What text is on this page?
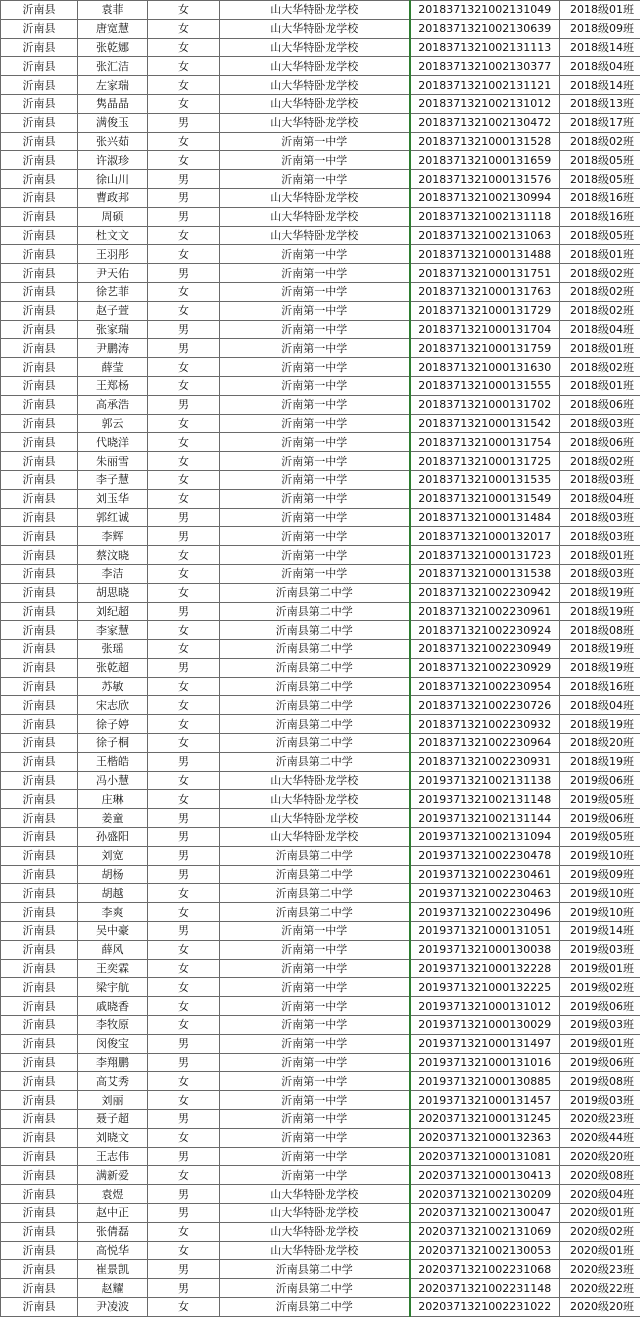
沂南县	袁菲	女	山大华特卧龙学校	2018371321002131049	2018级01班
沂南县	唐宽慧	女	山大华特卧龙学校	2018371321002130639	2018级09班
沂南县	张乾娜	女	山大华特卧龙学校	2018371321002131113	2018级14班
沂南县	张汇洁	女	山大华特卧龙学校	2018371321002130377	2018级04班
沂南县	左家瑞	女	山大华特卧龙学校	2018371321002131121	2018级14班
沂南县	隽晶晶	女	山大华特卧龙学校	2018371321002131012	2018级13班
沂南县	满俊玉	男	山大华特卧龙学校	2018371321002130472	2018级17班
沂南县	张兴茹	女	沂南第一中学	2018371321000131528	2018级02班
沂南县	许淑珍	女	沂南第一中学	2018371321000131659	2018级05班
沂南县	徐山川	男	沂南第一中学	2018371321000131576	2018级05班
沂南县	曹政邦	男	山大华特卧龙学校	2018371321002130994	2018级16班
沂南县	周硕	男	山大华特卧龙学校	2018371321002131118	2018级16班
沂南县	杜文文	女	山大华特卧龙学校	2018371321002131063	2018级05班
沂南县	王羽彤	女	沂南第一中学	2018371321000131488	2018级01班
沂南县	尹天佑	男	沂南第一中学	2018371321000131751	2018级02班
沂南县	徐艺菲	女	沂南第一中学	2018371321000131763	2018级02班
沂南县	赵子萱	女	沂南第一中学	2018371321000131729	2018级02班
沂南县	张家瑞	男	沂南第一中学	2018371321000131704	2018级04班
沂南县	尹鹏涛	男	沂南第一中学	2018371321000131759	2018级01班
沂南县	薛莹	女	沂南第一中学	2018371321000131630	2018级02班
沂南县	王郑杨	女	沂南第一中学	2018371321000131555	2018级01班
沂南县	高承浩	男	沂南第一中学	2018371321000131702	2018级06班
沂南县	郭云	女	沂南第一中学	2018371321000131542	2018级03班
沂南县	代晓洋	女	沂南第一中学	2018371321000131754	2018级06班
沂南县	朱丽雪	女	沂南第一中学	2018371321000131725	2018级02班
沂南县	李子慧	女	沂南第一中学	2018371321000131535	2018级03班
沂南县	刘玉华	女	沂南第一中学	2018371321000131549	2018级04班
沂南县	郭红诚	男	沂南第一中学	2018371321000131484	2018级03班
沂南县	李辉	男	沂南第一中学	2018371321000132017	2018级03班
沂南县	蔡汶晓	女	沂南第一中学	2018371321000131723	2018级01班
沂南县	李洁	女	沂南第一中学	2018371321000131538	2018级03班
沂南县	胡思晓	女	沂南县第二中学	2018371321002230942	2018级19班
沂南县	刘纪超	男	沂南县第二中学	2018371321002230961	2018级19班
沂南县	李家慧	女	沂南县第二中学	2018371321002230924	2018级08班
沂南县	张瑶	女	沂南县第二中学	2018371321002230949	2018级19班
沂南县	张乾超	男	沂南县第二中学	2018371321002230929	2018级19班
沂南县	苏敏	女	沂南县第二中学	2018371321002230954	2018级16班
沂南县	宋志欣	女	沂南县第二中学	2018371321002230726	2018级04班
沂南县	徐子婷	女	沂南县第二中学	2018371321002230932	2018级19班
沂南县	徐子桐	女	沂南县第二中学	2018371321002230964	2018级20班
沂南县	王楷皓	男	沂南县第二中学	2018371321002230931	2018级19班
沂南县	冯小慧	女	山大华特卧龙学校	2019371321002131138	2019级06班
沂南县	庄琳	女	山大华特卧龙学校	2019371321002131148	2019级05班
沂南县	姜童	男	山大华特卧龙学校	2019371321002131144	2019级06班
沂南县	孙盛阳	男	山大华特卧龙学校	2019371321002131094	2019级05班
沂南县	刘宽	男	沂南县第二中学	2019371321002230478	2019级10班
沂南县	胡杨	男	沂南县第二中学	2019371321002230461	2019级09班
沂南县	胡越	女	沂南县第二中学	2019371321002230463	2019级10班
沂南县	李爽	女	沂南县第二中学	2019371321002230496	2019级10班
沂南县	吴中豪	男	沂南第一中学	2019371321000131051	2019级14班
沂南县	薛风	女	沂南第一中学	2019371321000130038	2019级03班
沂南县	王奕霖	女	沂南第一中学	2019371321000132228	2019级01班
沂南县	梁宇航	女	沂南第一中学	2019371321000132225	2019级02班
沂南县	戚晓香	女	沂南第一中学	2019371321000131012	2019级06班
沂南县	李牧原	女	沂南第一中学	2019371321000130029	2019级03班
沂南县	闵俊宝	男	沂南第一中学	2019371321000131497	2019级01班
沂南县	李翔鹏	男	沂南第一中学	2019371321000131016	2019级06班
沂南县	高艾秀	女	沂南第一中学	2019371321000130885	2019级08班
沂南县	刘丽	女	沂南第一中学	2019371321000131457	2019级03班
沂南县	聂子超	男	沂南第一中学	2020371321000131245	2020级23班
沂南县	刘晓文	女	沂南第一中学	2020371321000132363	2020级44班
沂南县	王志伟	男	沂南第一中学	2020371321000131081	2020级20班
沂南县	满新爱	女	沂南第一中学	2020371321000130413	2020级08班
沂南县	袁煜	男	山大华特卧龙学校	2020371321002130209	2020级04班
沂南县	赵中正	男	山大华特卧龙学校	2020371321002130047	2020级01班
沂南县	张倩磊	女	山大华特卧龙学校	2020371321002131069	2020级02班
沂南县	高悦华	女	山大华特卧龙学校	2020371321002130053	2020级01班
沂南县	崔景凯	男	沂南县第二中学	2020371321002231068	2020级23班
沂南县	赵耀	男	沂南县第二中学	2020371321002231148	2020级22班
沂南县	尹凌波	女	沂南县第二中学	2020371321002231022	2020级20班
